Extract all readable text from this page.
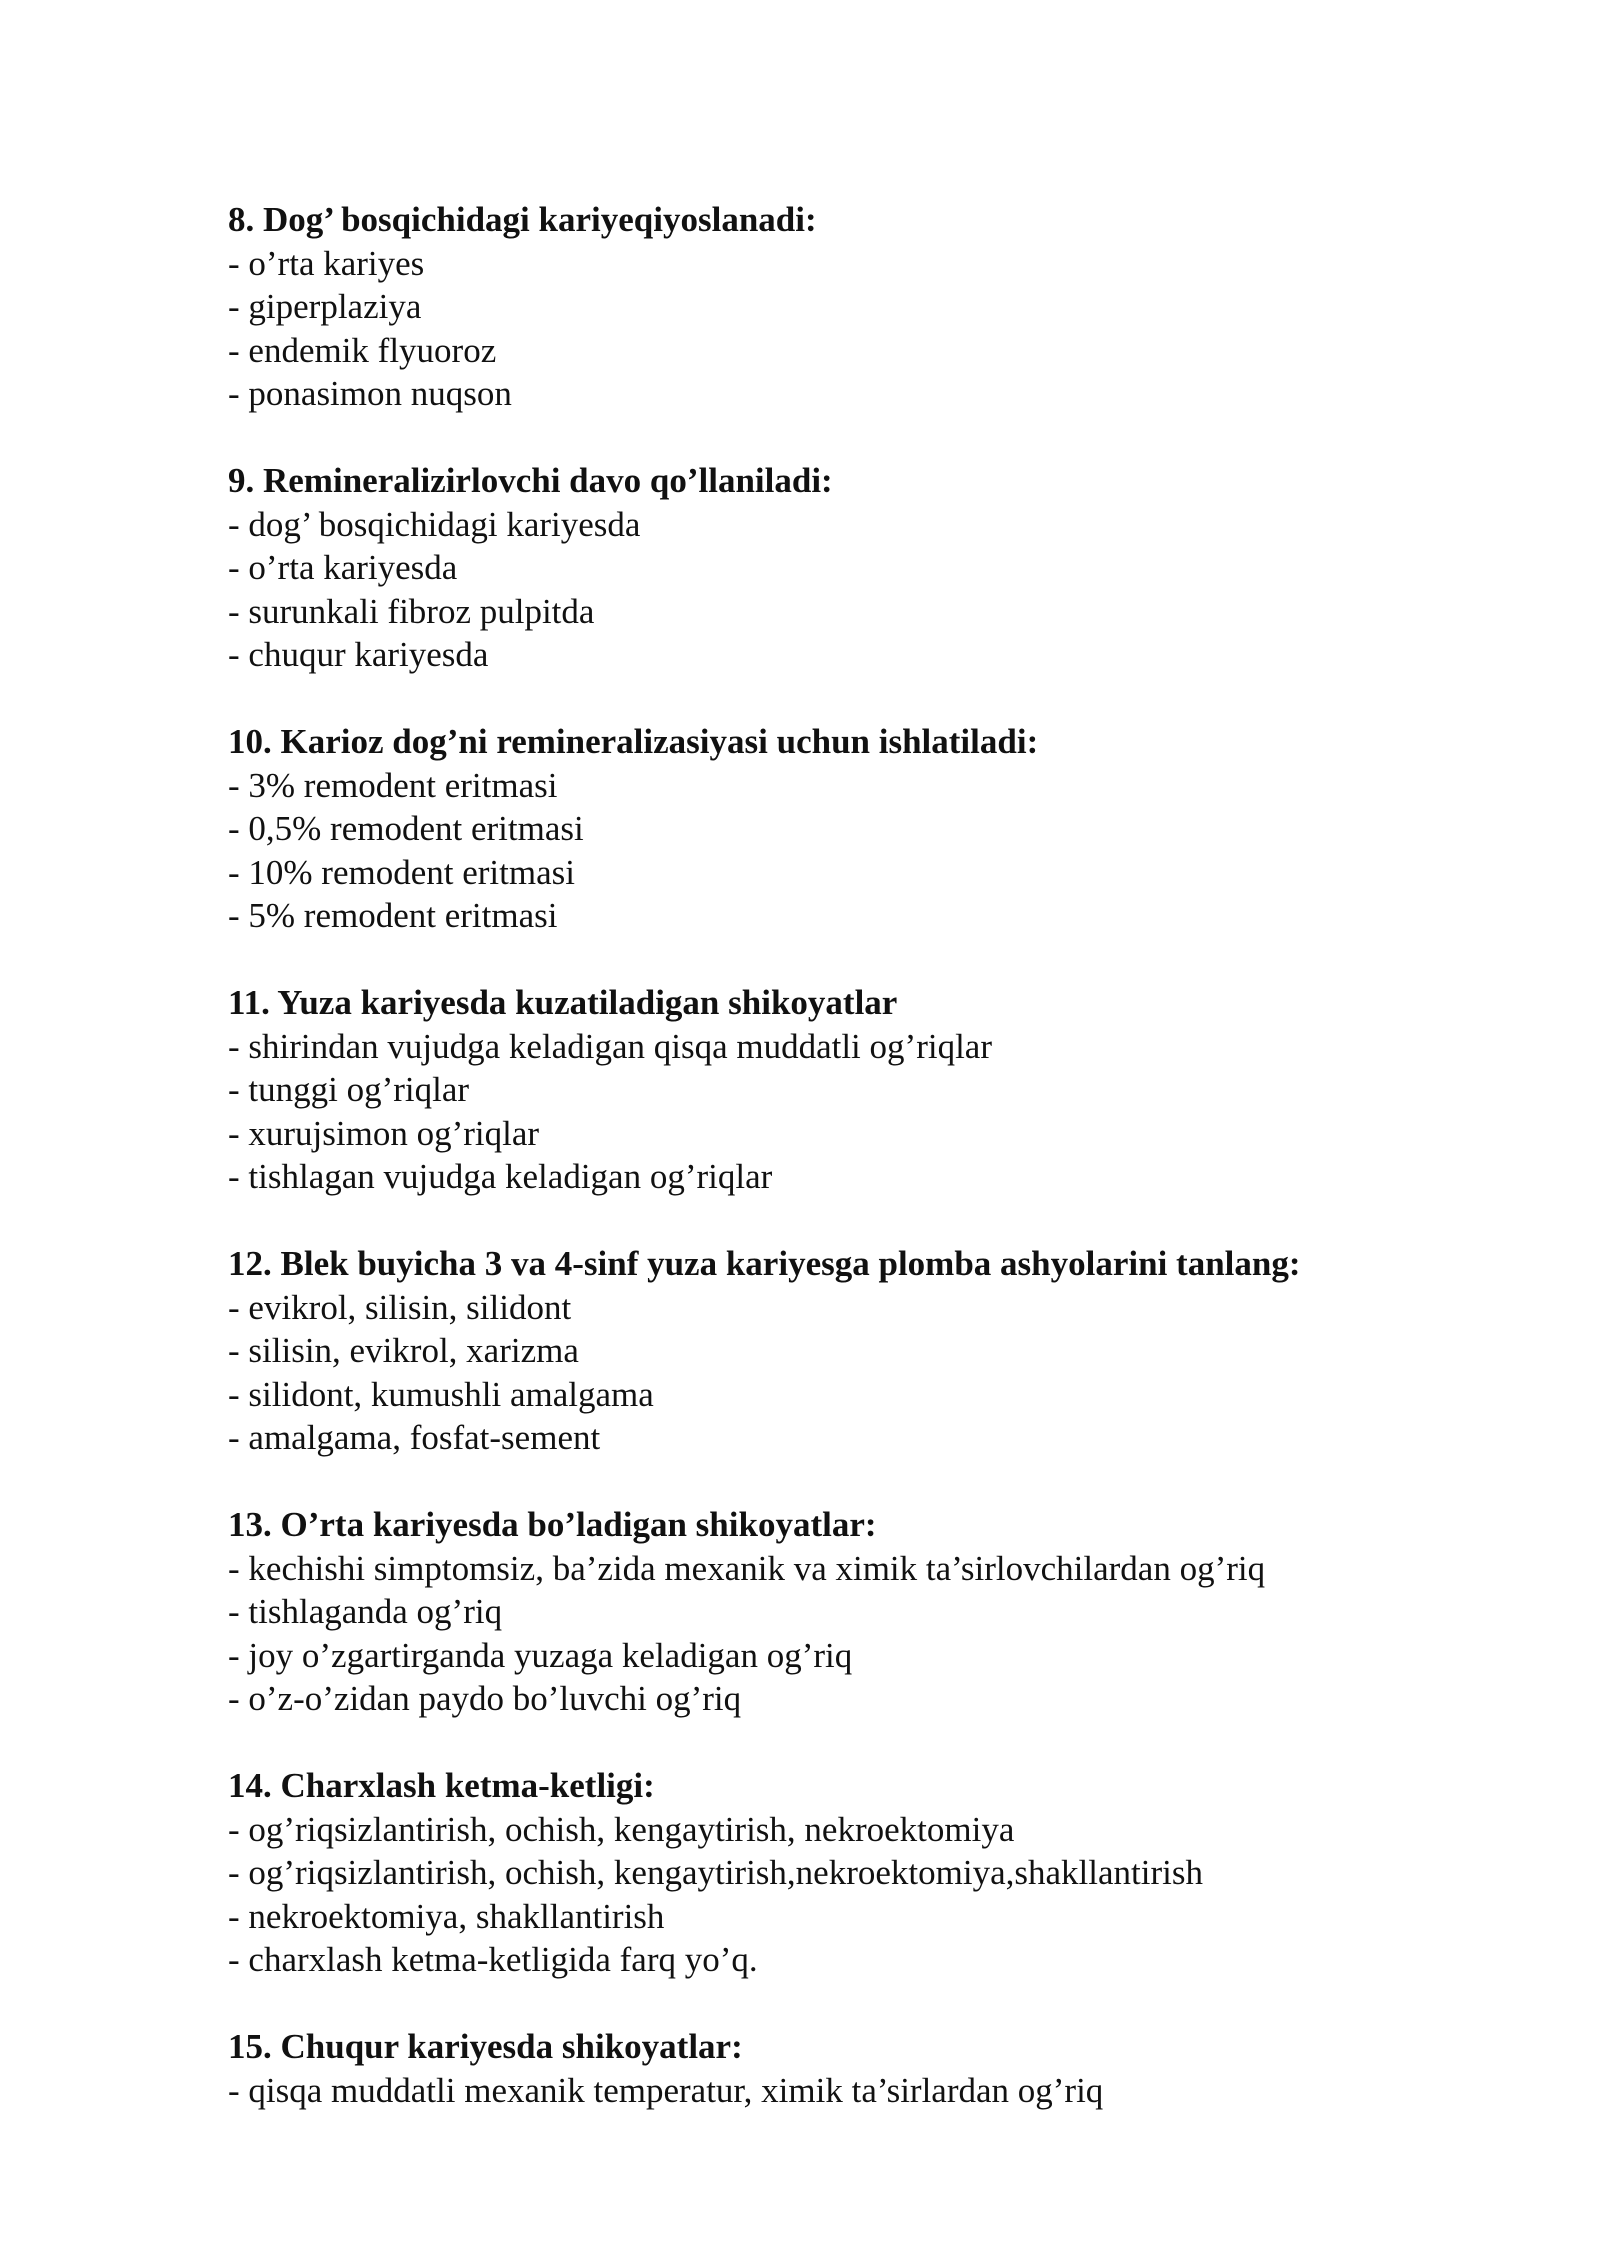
8. Dog’ bosqichidagi kariyeqiyoslanadi:
- o’rta kariyes
- giperplaziya
- endemik flyuoroz
- ponasimon nuqson
9. Remineralizirlovchi davo qo’llaniladi:
- dog’ bosqichidagi kariyesda
- o’rta kariyesda
- surunkali fibroz pulpitda
- chuqur kariyesda
10. Karioz dog’ni remineralizasiyasi uchun ishlatiladi:
- 3% remodent eritmasi
- 0,5% remodent eritmasi
- 10% remodent eritmasi
- 5% remodent eritmasi
11. Yuza kariyesda kuzatiladigan shikoyatlar
- shirindan vujudga keladigan qisqa muddatli og’riqlar
- tunggi og’riqlar
- xurujsimon og’riqlar
- tishlagan vujudga keladigan og’riqlar
12. Blek buyicha 3 va 4-sinf yuza kariyesga plomba ashyolarini tanlang:
- evikrol, silisin, silidont
- silisin, evikrol, xarizma
- silidont, kumushli amalgama
- amalgama, fosfat-sement
13. O’rta kariyesda bo’ladigan shikoyatlar:
- kechishi simptomsiz, ba’zida mexanik va ximik ta’sirlovchilardan og’riq
- tishlaganda og’riq
- joy o’zgartirganda yuzaga keladigan og’riq
- o’z-o’zidan paydo bo’luvchi og’riq
14. Charxlash ketma-ketligi:
- og’riqsizlantirish, ochish, kengaytirish, nekroektomiya
- og’riqsizlantirish, ochish, kengaytirish,nekroektomiya,shakllantirish
- nekroektomiya, shakllantirish
- charxlash ketma-ketligida farq yo’q.
15. Chuqur kariyesda shikoyatlar:
- qisqa muddatli mexanik temperatur, ximik ta’sirlardan og’riq
